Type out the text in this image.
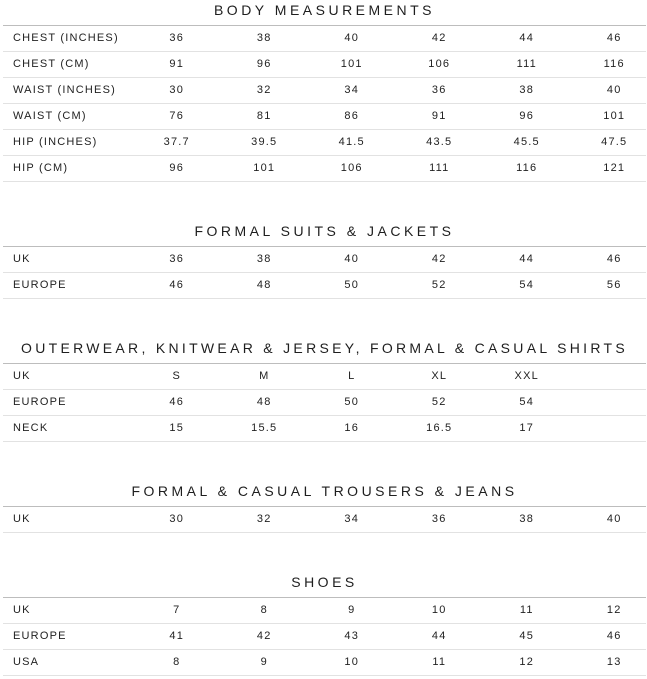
BODY MEASUREMENTS
CHEST (INCHES)	36	38	40	42	44	46
CHEST (CM)	91	96	101	106	111	116
WAIST (INCHES)	30	32	34	36	38	40
WAIST (CM)	76	81	86	91	96	101
HIP (INCHES)	37.7	39.5	41.5	43.5	45.5	47.5
HIP (CM)	96	101	106	111	116	121
FORMAL SUITS & JACKETS
UK	36	38	40	42	44	46
EUROPE	46	48	50	52	54	56
OUTERWEAR, KNITWEAR & JERSEY, FORMAL & CASUAL SHIRTS
UK	S	M	L	XL	XXL
EUROPE	46	48	50	52	54
NECK	15	15.5	16	16.5	17
FORMAL & CASUAL TROUSERS & JEANS
UK	30	32	34	36	38	40
SHOES
UK	7	8	9	10	11	12
EUROPE	41	42	43	44	45	46
USA	8	9	10	11	12	13
